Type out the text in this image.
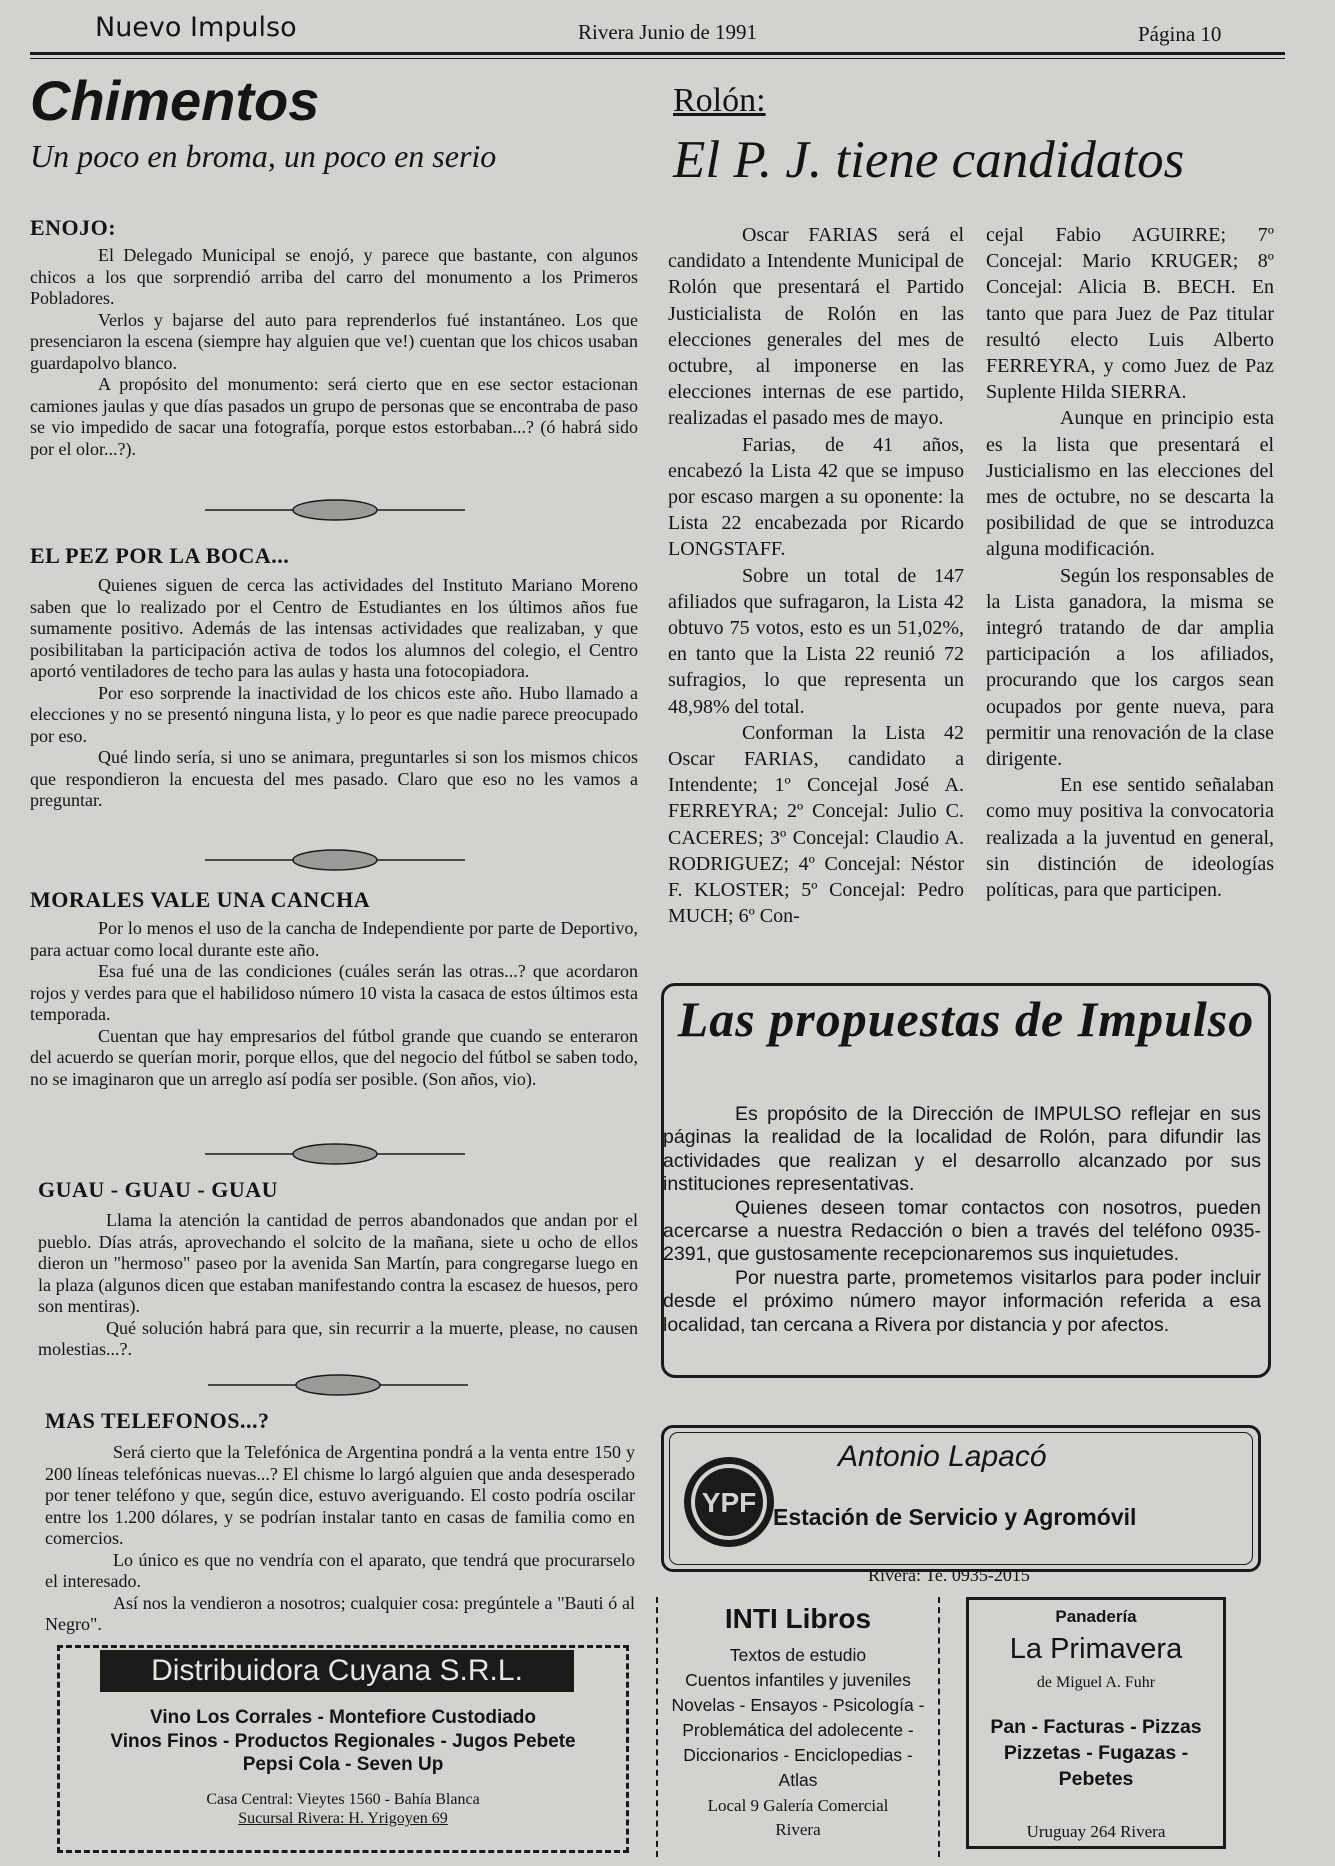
Nuevo Impulso	Rivera Junio de 1991	Página 10
Chimentos
Un poco en broma, un poco en serio
ENOJO:

El Delegado Municipal se enojó, y parece que bastante, con algunos chicos a los que sorprendió arriba del carro del monumento a los Primeros Pobladores.

Verlos y bajarse del auto para reprenderlos fué instantáneo. Los que presenciaron la escena (siempre hay alguien que ve!) cuentan que los chicos usaban guardapolvo blanco.

A propósito del monumento: será cierto que en ese sector estacionan camiones jaulas y que días pasados un grupo de personas que se encontraba de paso se vio impedido de sacar una fotografía, porque estos estorbaban...? (ó habrá sido por el olor...?).

EL PEZ POR LA BOCA...

Quienes siguen de cerca las actividades del Instituto Mariano Moreno saben que lo realizado por el Centro de Estudiantes en los últimos años fue sumamente positivo. Además de las intensas actividades que realizaban, y que posibilitaban la participación activa de todos los alumnos del colegio, el Centro aportó ventiladores de techo para las aulas y hasta una fotocopiadora.

Por eso sorprende la inactividad de los chicos este año. Hubo llamado a elecciones y no se presentó ninguna lista, y lo peor es que nadie parece preocupado por eso.

Qué lindo sería, si uno se animara, preguntarles si son los mismos chicos que respondieron la encuesta del mes pasado. Claro que eso no les vamos a preguntar.

MORALES VALE UNA CANCHA

Por lo menos el uso de la cancha de Independiente por parte de Deportivo, para actuar como local durante este año.

Esa fué una de las condiciones (cuáles serán las otras...? que acordaron rojos y verdes para que el habilidoso número 10 vista la casaca de estos últimos esta temporada.

Cuentan que hay empresarios del fútbol grande que cuando se enteraron del acuerdo se querían morir, porque ellos, que del negocio del fútbol se saben todo, no se imaginaron que un arreglo así podía ser posible. (Son años, vio).

GUAU - GUAU - GUAU

Llama la atención la cantidad de perros abandonados que andan por el pueblo. Días atrás, aprovechando el solcito de la mañana, siete u ocho de ellos dieron un "hermoso" paseo por la avenida San Martín, para congregarse luego en la plaza (algunos dicen que estaban manifestando contra la escasez de huesos, pero son mentiras).

Qué solución habrá para que, sin recurrir a la muerte, please, no causen molestias...?.

MAS TELEFONOS...?

Será cierto que la Telefónica de Argentina pondrá a la venta entre 150 y 200 líneas telefónicas nuevas...? El chisme lo largó alguien que anda desesperado por tener teléfono y que, según dice, estuvo averiguando. El costo podría oscilar entre los 1.200 dólares, y se podrían instalar tanto en casas de familia como en comercios.

Lo único es que no vendría con el aparato, que tendrá que procurarselo el interesado.

Así nos la vendieron a nosotros; cualquier cosa: pregúntele a "Bauti ó al Negro".

Distribuidora Cuyana S.R.L.
Vino Los Corrales - Montefiore Custodiado
Vinos Finos - Productos Regionales - Jugos Pebete
Pepsi Cola - Seven Up
Casa Central: Vieytes 1560 - Bahía Blanca
Sucursal Rivera: H. Yrigoyen 69
Rolón:
El P. J. tiene candidatos

Oscar FARIAS será el candidato a Intendente Municipal de Rolón que presentará el Partido Justicialista de Rolón en las elecciones generales del mes de octubre, al imponerse en las elecciones internas de ese partido, realizadas el pasado mes de mayo.

Farias, de 41 años, encabezó la Lista 42 que se impuso por escaso margen a su oponente: la Lista 22 encabezada por Ricardo LONGSTAFF.

Sobre un total de 147 afiliados que sufragaron, la Lista 42 obtuvo 75 votos, esto es un 51,02%, en tanto que la Lista 22 reunió 72 sufragios, lo que representa un 48,98% del total.

Conforman la Lista 42 Oscar FARIAS, candidato a Intendente; 1º Concejal José A. FERREYRA; 2º Concejal: Julio C. CACERES; 3º Concejal: Claudio A. RODRIGUEZ; 4º Concejal: Néstor F. KLOSTER; 5º Concejal: Pedro MUCH; 6º Con-

cejal Fabio AGUIRRE; 7º Concejal: Mario KRUGER; 8º Concejal: Alicia B. BECH. En tanto que para Juez de Paz titular resultó electo Luis Alberto FERREYRA, y como Juez de Paz Suplente Hilda SIERRA.

Aunque en principio esta es la lista que presentará el Justicialismo en las elecciones del mes de octubre, no se descarta la posibilidad de que se introduzca alguna modificación.

Según los responsables de la Lista ganadora, la misma se integró tratando de dar amplia participación a los afiliados, procurando que los cargos sean ocupados por gente nueva, para permitir una renovación de la clase dirigente.

En ese sentido señalaban como muy positiva la convocatoria realizada a la juventud en general, sin distinción de ideologías políticas, para que participen.

Las propuestas de Impulso

Es propósito de la Dirección de IMPULSO reflejar en sus páginas la realidad de la localidad de Rolón, para difundir las actividades que realizan y el desarrollo alcanzado por sus instituciones representativas.

Quienes deseen tomar contactos con nosotros, pueden acercarse a nuestra Redacción o bien a través del teléfono 0935-2391, que gustosamente recepcionaremos sus inquietudes.

Por nuestra parte, prometemos visitarlos para poder incluir desde el próximo número mayor información referida a esa localidad, tan cercana a Rivera por distancia y por afectos.

YPF
Antonio Lapacó
Estación de Servicio y Agromóvil
Rivera: Te. 0935-2015
INTI Libros
Textos de estudio
Cuentos infantiles y juveniles
Novelas - Ensayos - Psicología -
Problemática del adolecente -
Diccionarios - Enciclopedias -
Atlas
Local 9 Galería Comercial
Rivera
Panadería
La Primavera
de Miguel A. Fuhr
Pan - Facturas - Pizzas
Pizzetas - Fugazas - Pebetes
Uruguay 264 Rivera
